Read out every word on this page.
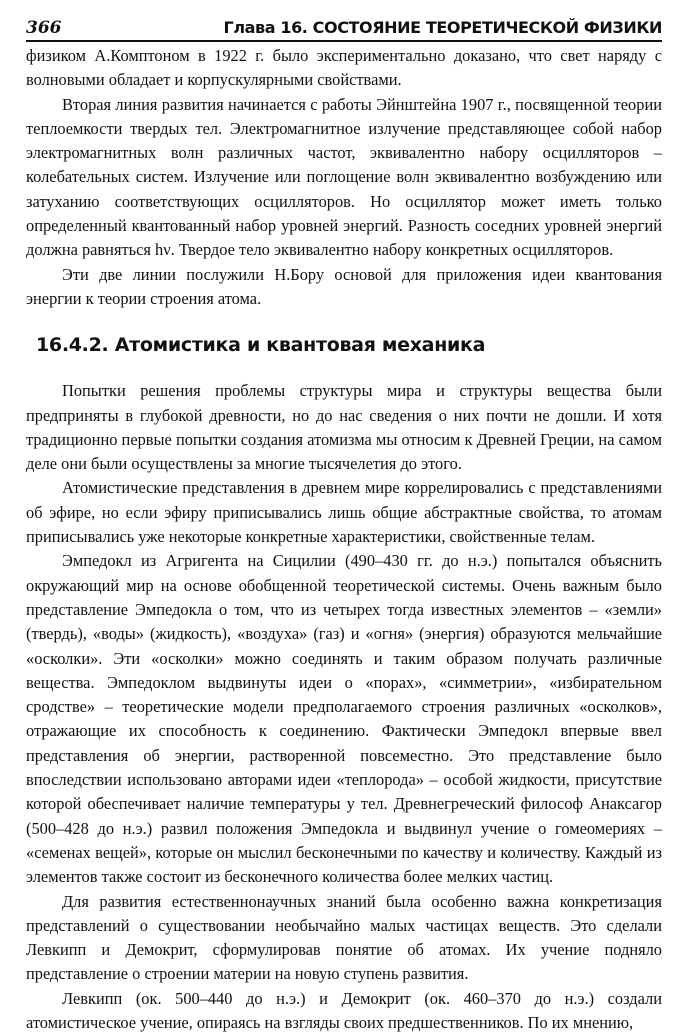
366	Глава 16. СОСТОЯНИЕ ТЕОРЕТИЧЕСКОЙ ФИЗИКИ

физиком А.Комптоном в 1922 г. было экспериментально доказано, что свет наряду с волновыми обладает и корпускулярными свойствами.

Вторая линия развития начинается с работы Эйнштейна 1907 г., посвященной теории теплоемкости твердых тел. Электромагнитное излучение представляющее собой набор электромагнитных волн различных частот, эквивалентно набору осцилляторов – колебательных систем. Излучение или поглощение волн эквивалентно возбуждению или затуханию соответствующих осцилляторов. Но осциллятор может иметь только определенный квантованный набор уровней энергий. Разность соседних уровней энергий должна равняться hν. Твердое тело эквивалентно набору конкретных осцилляторов.

Эти две линии послужили Н.Бору основой для приложения идеи квантования энергии к теории строения атома.

16.4.2. Атомистика и квантовая механика

Попытки решения проблемы структуры мира и структуры вещества были предприняты в глубокой древности, но до нас сведения о них почти не дошли. И хотя традиционно первые попытки создания атомизма мы относим к Древней Греции, на самом деле они были осуществлены за многие тысячелетия до этого.

Атомистические представления в древнем мире коррелировались с представлениями об эфире, но если эфиру приписывались лишь общие абстрактные свойства, то атомам приписывались уже некоторые конкретные характеристики, свойственные телам.

Эмпедокл из Агригента на Сицилии (490–430 гг. до н.э.) попытался объяснить окружающий мир на основе обобщенной теоретической системы. Очень важным было представление Эмпедокла о том, что из четырех тогда известных элементов – «земли» (твердь), «воды» (жидкость), «воздуха» (газ) и «огня» (энергия) образуются мельчайшие «осколки». Эти «осколки» можно соединять и таким образом получать различные вещества. Эмпедоклом выдвинуты идеи о «порах», «симметрии», «избирательном сродстве» – теоретические модели предполагаемого строения различных «осколков», отражающие их способность к соединению. Фактически Эмпедокл впервые ввел представления об энергии, растворенной повсеместно. Это представление было впоследствии использовано авторами идеи «теплорода» – особой жидкости, присутствие которой обеспечивает наличие температуры у тел. Древнегреческий философ Анаксагор (500–428 до н.э.) развил положения Эмпедокла и выдвинул учение о гомеомериях – «семенах вещей», которые он мыслил бесконечными по качеству и количеству. Каждый из элементов также состоит из бесконечного количества более мелких частиц.

Для развития естественнонаучных знаний была особенно важна конкретизация представлений о существовании необычайно малых частицах веществ. Это сделали Левкипп и Демокрит, сформулировав понятие об атомах. Их учение подняло представление о строении материи на новую ступень развития.

Левкипп (ок. 500–440 до н.э.) и Демокрит (ок. 460–370 до н.э.) создали атомистическое учение, опираясь на взгляды своих предшественников. По их мнению,
